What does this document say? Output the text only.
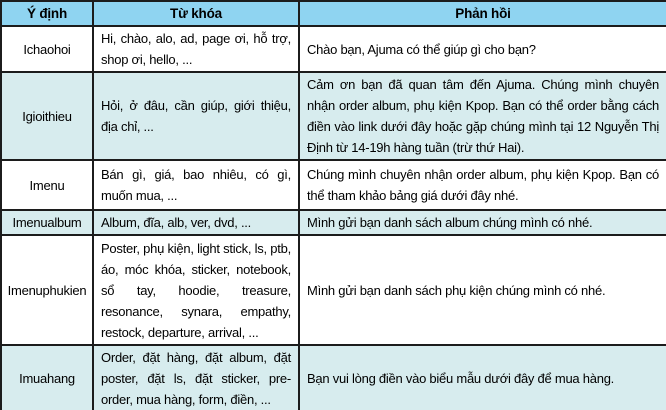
Ý định	Từ khóa	Phản hồi
Ichaohoi	Hi, chào, alo, ad, page ơi, hỗ trợ, shop ơi, hello, ...	Chào bạn, Ajuma có thể giúp gì cho bạn?
Igioithieu	Hỏi, ở đâu, cần giúp, giới thiệu, địa chỉ, ...	Cảm ơn bạn đã quan tâm đến Ajuma. Chúng mình chuyên nhận order album, phụ kiện Kpop. Bạn có thể order bằng cách điền vào link dưới đây hoặc gặp chúng mình tại 12 Nguyễn Thị Định từ 14-19h hàng tuần (trừ thứ Hai).
Imenu	Bán gì, giá, bao nhiêu, có gì, muốn mua, ...	Chúng mình chuyên nhận order album, phụ kiện Kpop. Bạn có thể tham khảo bảng giá dưới đây nhé.
Imenualbum	Album, đĩa, alb, ver, dvd, ...	Mình gửi bạn danh sách album chúng mình có nhé.
Imenuphukien	Poster, phụ kiện, light stick, ls, ptb, áo, móc khóa, sticker, notebook, sổ tay, hoodie, treasure, resonance, synara, empathy, restock, departure, arrival, ...	Mình gửi bạn danh sách phụ kiện chúng mình có nhé.
Imuahang	Order, đặt hàng, đặt album, đặt poster, đặt ls, đặt sticker, pre-order, mua hàng, form, điền, ...	Bạn vui lòng điền vào biểu mẫu dưới đây để mua hàng.
